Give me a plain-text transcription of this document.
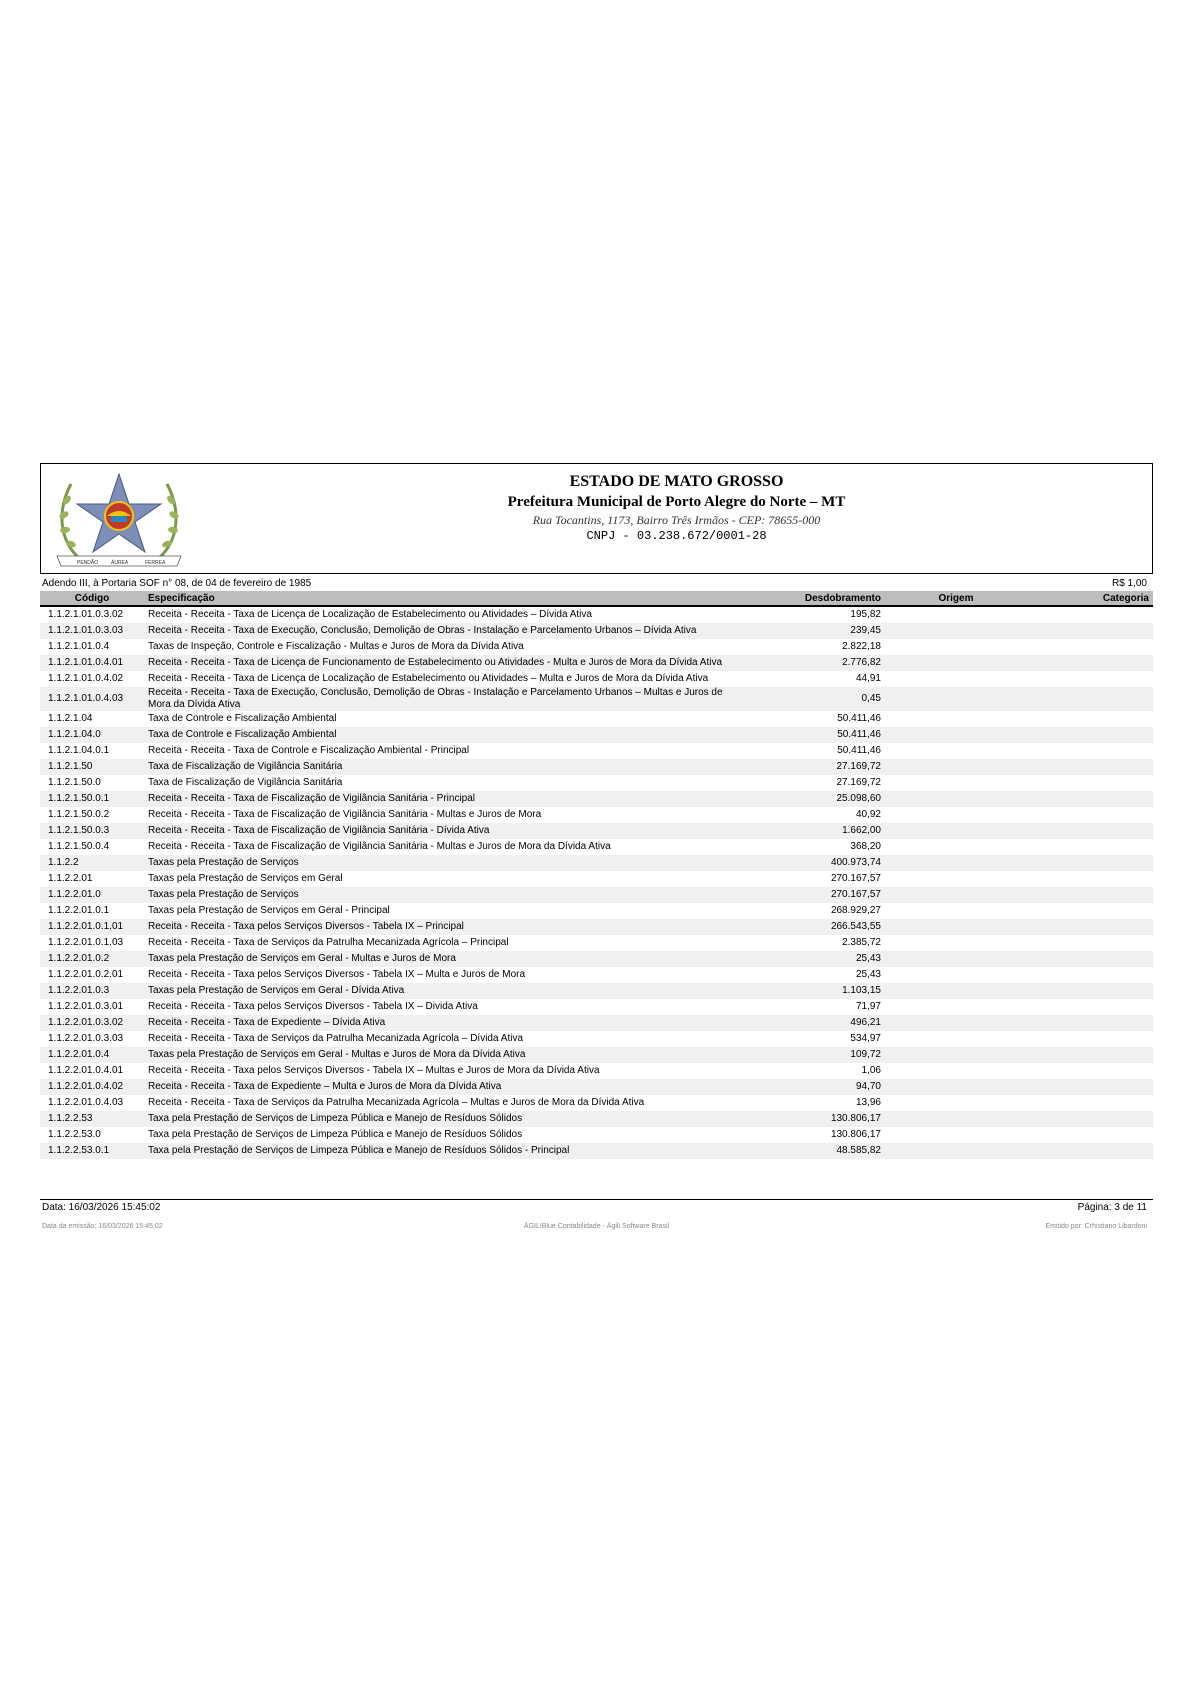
PENDÃO	ÁUREA	FERREA
ESTADO DE MATO GROSSO
Prefeitura Municipal de Porto Alegre do Norte – MT
Rua Tocantins, 1173, Bairro Três Irmãos - CEP: 78655-000
CNPJ - 03.238.672/0001-28
Adendo III, à Portaria SOF n° 08, de 04 de fevereiro de 1985	R$ 1,00
Código	Especificação	Desdobramento	Origem	Categoria
1.1.2.1.01.0.3.02	Receita - Receita - Taxa de Licença de Localização de Estabelecimento ou Atividades – Dívida Ativa	195,82		
1.1.2.1.01.0.3.03	Receita - Receita - Taxa de Execução, Conclusão, Demolição de Obras - Instalação e Parcelamento Urbanos – Dívida Ativa	239,45		
1.1.2.1.01.0.4	Taxas de Inspeção, Controle e Fiscalização - Multas e Juros de Mora da Dívida Ativa	2.822,18		
1.1.2.1.01.0.4.01	Receita - Receita - Taxa de Licença de Funcionamento de Estabelecimento ou Atividades - Multa e Juros de Mora da Dívida Ativa	2.776,82		
1.1.2.1.01.0.4.02	Receita - Receita - Taxa de Licença de Localização de Estabelecimento ou Atividades – Multa e Juros de Mora da Dívida Ativa	44,91		
1.1.2.1.01.0.4.03	Receita - Receita - Taxa de Execução, Conclusão, Demolição de Obras - Instalação e Parcelamento Urbanos – Multas e Juros de Mora da Dívida Ativa	0,45		
1.1.2.1.04	Taxa de Controle e Fiscalização Ambiental	50.411,46		
1.1.2.1.04.0	Taxa de Controle e Fiscalização Ambiental	50.411,46		
1.1.2.1.04.0.1	Receita - Receita - Taxa de Controle e Fiscalização Ambiental - Principal	50.411,46		
1.1.2.1.50	Taxa de Fiscalização de Vigilância Sanitária	27.169,72		
1.1.2.1.50.0	Taxa de Fiscalização de Vigilância Sanitária	27.169,72		
1.1.2.1.50.0.1	Receita - Receita - Taxa de Fiscalização de Vigilância Sanitária - Principal	25.098,60		
1.1.2.1.50.0.2	Receita - Receita - Taxa de Fiscalização de Vigilância Sanitária - Multas e Juros de Mora	40,92		
1.1.2.1.50.0.3	Receita - Receita - Taxa de Fiscalização de Vigilância Sanitária - Dívida Ativa	1.662,00		
1.1.2.1.50.0.4	Receita - Receita - Taxa de Fiscalização de Vigilância Sanitária - Multas e Juros de Mora da Dívida Ativa	368,20		
1.1.2.2	Taxas pela Prestação de Serviços	400.973,74		
1.1.2.2.01	Taxas pela Prestação de Serviços em Geral	270.167,57		
1.1.2.2.01.0	Taxas pela Prestação de Serviços	270.167,57		
1.1.2.2.01.0.1	Taxas pela Prestação de Serviços em Geral - Principal	268.929,27		
1.1.2.2.01.0.1.01	Receita - Receita - Taxa pelos Serviços Diversos - Tabela IX – Principal	266.543,55		
1.1.2.2.01.0.1.03	Receita - Receita - Taxa de Serviços da Patrulha Mecanizada Agrícola – Principal	2.385,72		
1.1.2.2.01.0.2	Taxas pela Prestação de Serviços em Geral - Multas e Juros de Mora	25,43		
1.1.2.2.01.0.2.01	Receita - Receita - Taxa pelos Serviços Diversos - Tabela IX – Multa e Juros de Mora	25,43		
1.1.2.2.01.0.3	Taxas pela Prestação de Serviços em Geral - Dívida Ativa	1.103,15		
1.1.2.2.01.0.3.01	Receita - Receita - Taxa pelos Serviços Diversos - Tabela IX – Divida Ativa	71,97		
1.1.2.2.01.0.3.02	Receita - Receita - Taxa de Expediente – Dívida Ativa	496,21		
1.1.2.2.01.0.3.03	Receita - Receita - Taxa de Serviços da Patrulha Mecanizada Agrícola – Dívida Ativa	534,97		
1.1.2.2.01.0.4	Taxas pela Prestação de Serviços em Geral - Multas e Juros de Mora da Dívida Ativa	109,72		
1.1.2.2.01.0.4.01	Receita - Receita - Taxa pelos Serviços Diversos - Tabela IX – Multas e Juros de Mora da Dívida Ativa	1,06		
1.1.2.2.01.0.4.02	Receita - Receita - Taxa de Expediente – Multa e Juros de Mora da Dívida Ativa	94,70		
1.1.2.2.01.0.4.03	Receita - Receita - Taxa de Serviços da Patrulha Mecanizada Agrícola – Multas e Juros de Mora da Dívida Ativa	13,96		
1.1.2.2.53	Taxa pela Prestação de Serviços de Limpeza Pública e Manejo de Resíduos Sólidos	130.806,17		
1.1.2.2.53.0	Taxa pela Prestação de Serviços de Limpeza Pública e Manejo de Resíduos Sólidos	130.806,17		
1.1.2.2.53.0.1	Taxa pela Prestação de Serviços de Limpeza Pública e Manejo de Resíduos Sólidos - Principal	48.585,82		
Data: 16/03/2026 15:45:02	Página: 3 de 11
Data da emissão: 16/03/2026 15:45:02	ÁGILIBlue Contabilidade - Ágili Software Brasil	Emitido por: Crhistiano Libardoni
